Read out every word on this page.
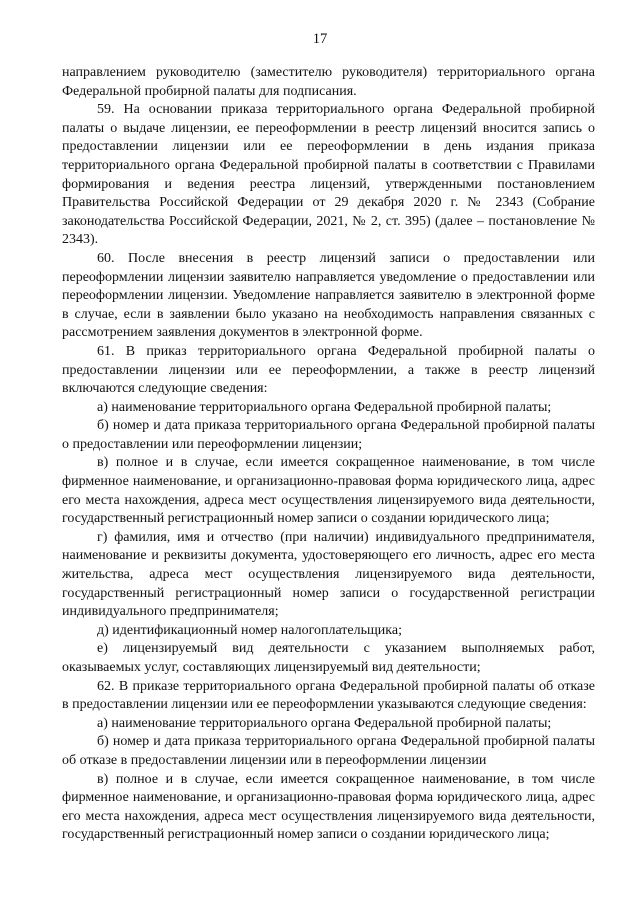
17

направлением руководителю (заместителю руководителя) территориального органа Федеральной пробирной палаты для подписания.

59. На основании приказа территориального органа Федеральной пробирной палаты о выдаче лицензии, ее переоформлении в реестр лицензий вносится запись о предоставлении лицензии или ее переоформлении в день издания приказа территориального органа Федеральной пробирной палаты в соответствии с Правилами формирования и ведения реестра лицензий, утвержденными постановлением Правительства Российской Федерации от 29 декабря 2020 г. № 2343 (Собрание законодательства Российской Федерации, 2021, № 2, ст. 395) (далее – постановление № 2343).

60. После внесения в реестр лицензий записи о предоставлении или переоформлении лицензии заявителю направляется уведомление о предоставлении или переоформлении лицензии. Уведомление направляется заявителю в электронной форме в случае, если в заявлении было указано на необходимость направления связанных с рассмотрением заявления документов в электронной форме.

61. В приказ территориального органа Федеральной пробирной палаты о предоставлении лицензии или ее переоформлении, а также в реестр лицензий включаются следующие сведения:

а) наименование территориального органа Федеральной пробирной палаты;

б) номер и дата приказа территориального органа Федеральной пробирной палаты о предоставлении или переоформлении лицензии;

в) полное и в случае, если имеется сокращенное наименование, в том числе фирменное наименование, и организационно-правовая форма юридического лица, адрес его места нахождения, адреса мест осуществления лицензируемого вида деятельности, государственный регистрационный номер записи о создании юридического лица;

г) фамилия, имя и отчество (при наличии) индивидуального предпринимателя, наименование и реквизиты документа, удостоверяющего его личность, адрес его места жительства, адреса мест осуществления лицензируемого вида деятельности, государственный регистрационный номер записи о государственной регистрации индивидуального предпринимателя;

д) идентификационный номер налогоплательщика;

е) лицензируемый вид деятельности с указанием выполняемых работ, оказываемых услуг, составляющих лицензируемый вид деятельности;

62. В приказе территориального органа Федеральной пробирной палаты об отказе в предоставлении лицензии или ее переоформлении указываются следующие сведения:

а) наименование территориального органа Федеральной пробирной палаты;

б) номер и дата приказа территориального органа Федеральной пробирной палаты об отказе в предоставлении лицензии или в переоформлении лицензии

в) полное и в случае, если имеется сокращенное наименование, в том числе фирменное наименование, и организационно-правовая форма юридического лица, адрес его места нахождения, адреса мест осуществления лицензируемого вида деятельности, государственный регистрационный номер записи о создании юридического лица;
